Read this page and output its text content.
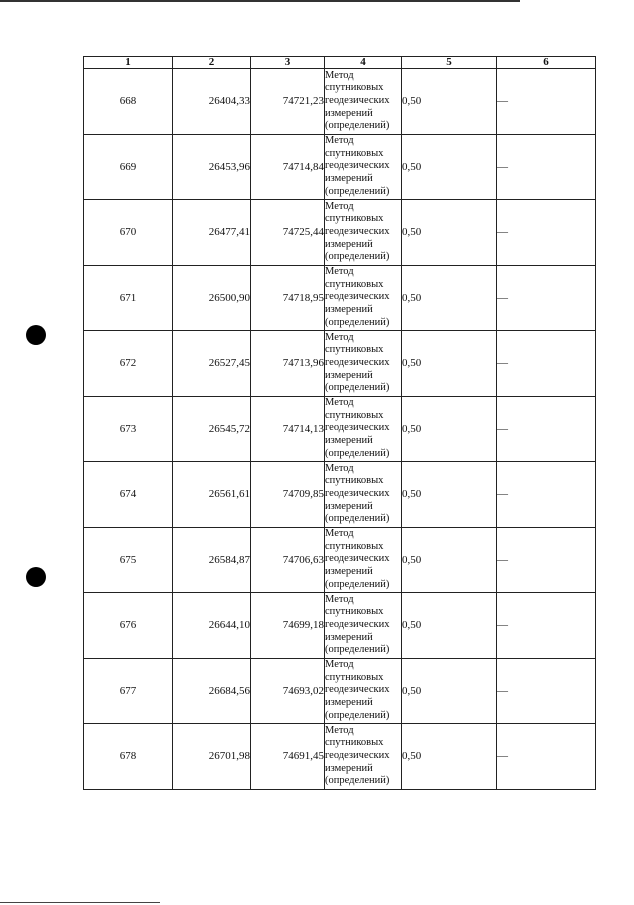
1	2	3	4	5	6
668	26404,33	74721,23	Метод
спутниковых
геодезических
измерений
(определений)	0,50	—
669	26453,96	74714,84	Метод
спутниковых
геодезических
измерений
(определений)	0,50	—
670	26477,41	74725,44	Метод
спутниковых
геодезических
измерений
(определений)	0,50	—
671	26500,90	74718,95	Метод
спутниковых
геодезических
измерений
(определений)	0,50	—
672	26527,45	74713,96	Метод
спутниковых
геодезических
измерений
(определений)	0,50	—
673	26545,72	74714,13	Метод
спутниковых
геодезических
измерений
(определений)	0,50	—
674	26561,61	74709,85	Метод
спутниковых
геодезических
измерений
(определений)	0,50	—
675	26584,87	74706,63	Метод
спутниковых
геодезических
измерений
(определений)	0,50	—
676	26644,10	74699,18	Метод
спутниковых
геодезических
измерений
(определений)	0,50	—
677	26684,56	74693,02	Метод
спутниковых
геодезических
измерений
(определений)	0,50	—
678	26701,98	74691,45	Метод
спутниковых
геодезических
измерений
(определений)	0,50	—
